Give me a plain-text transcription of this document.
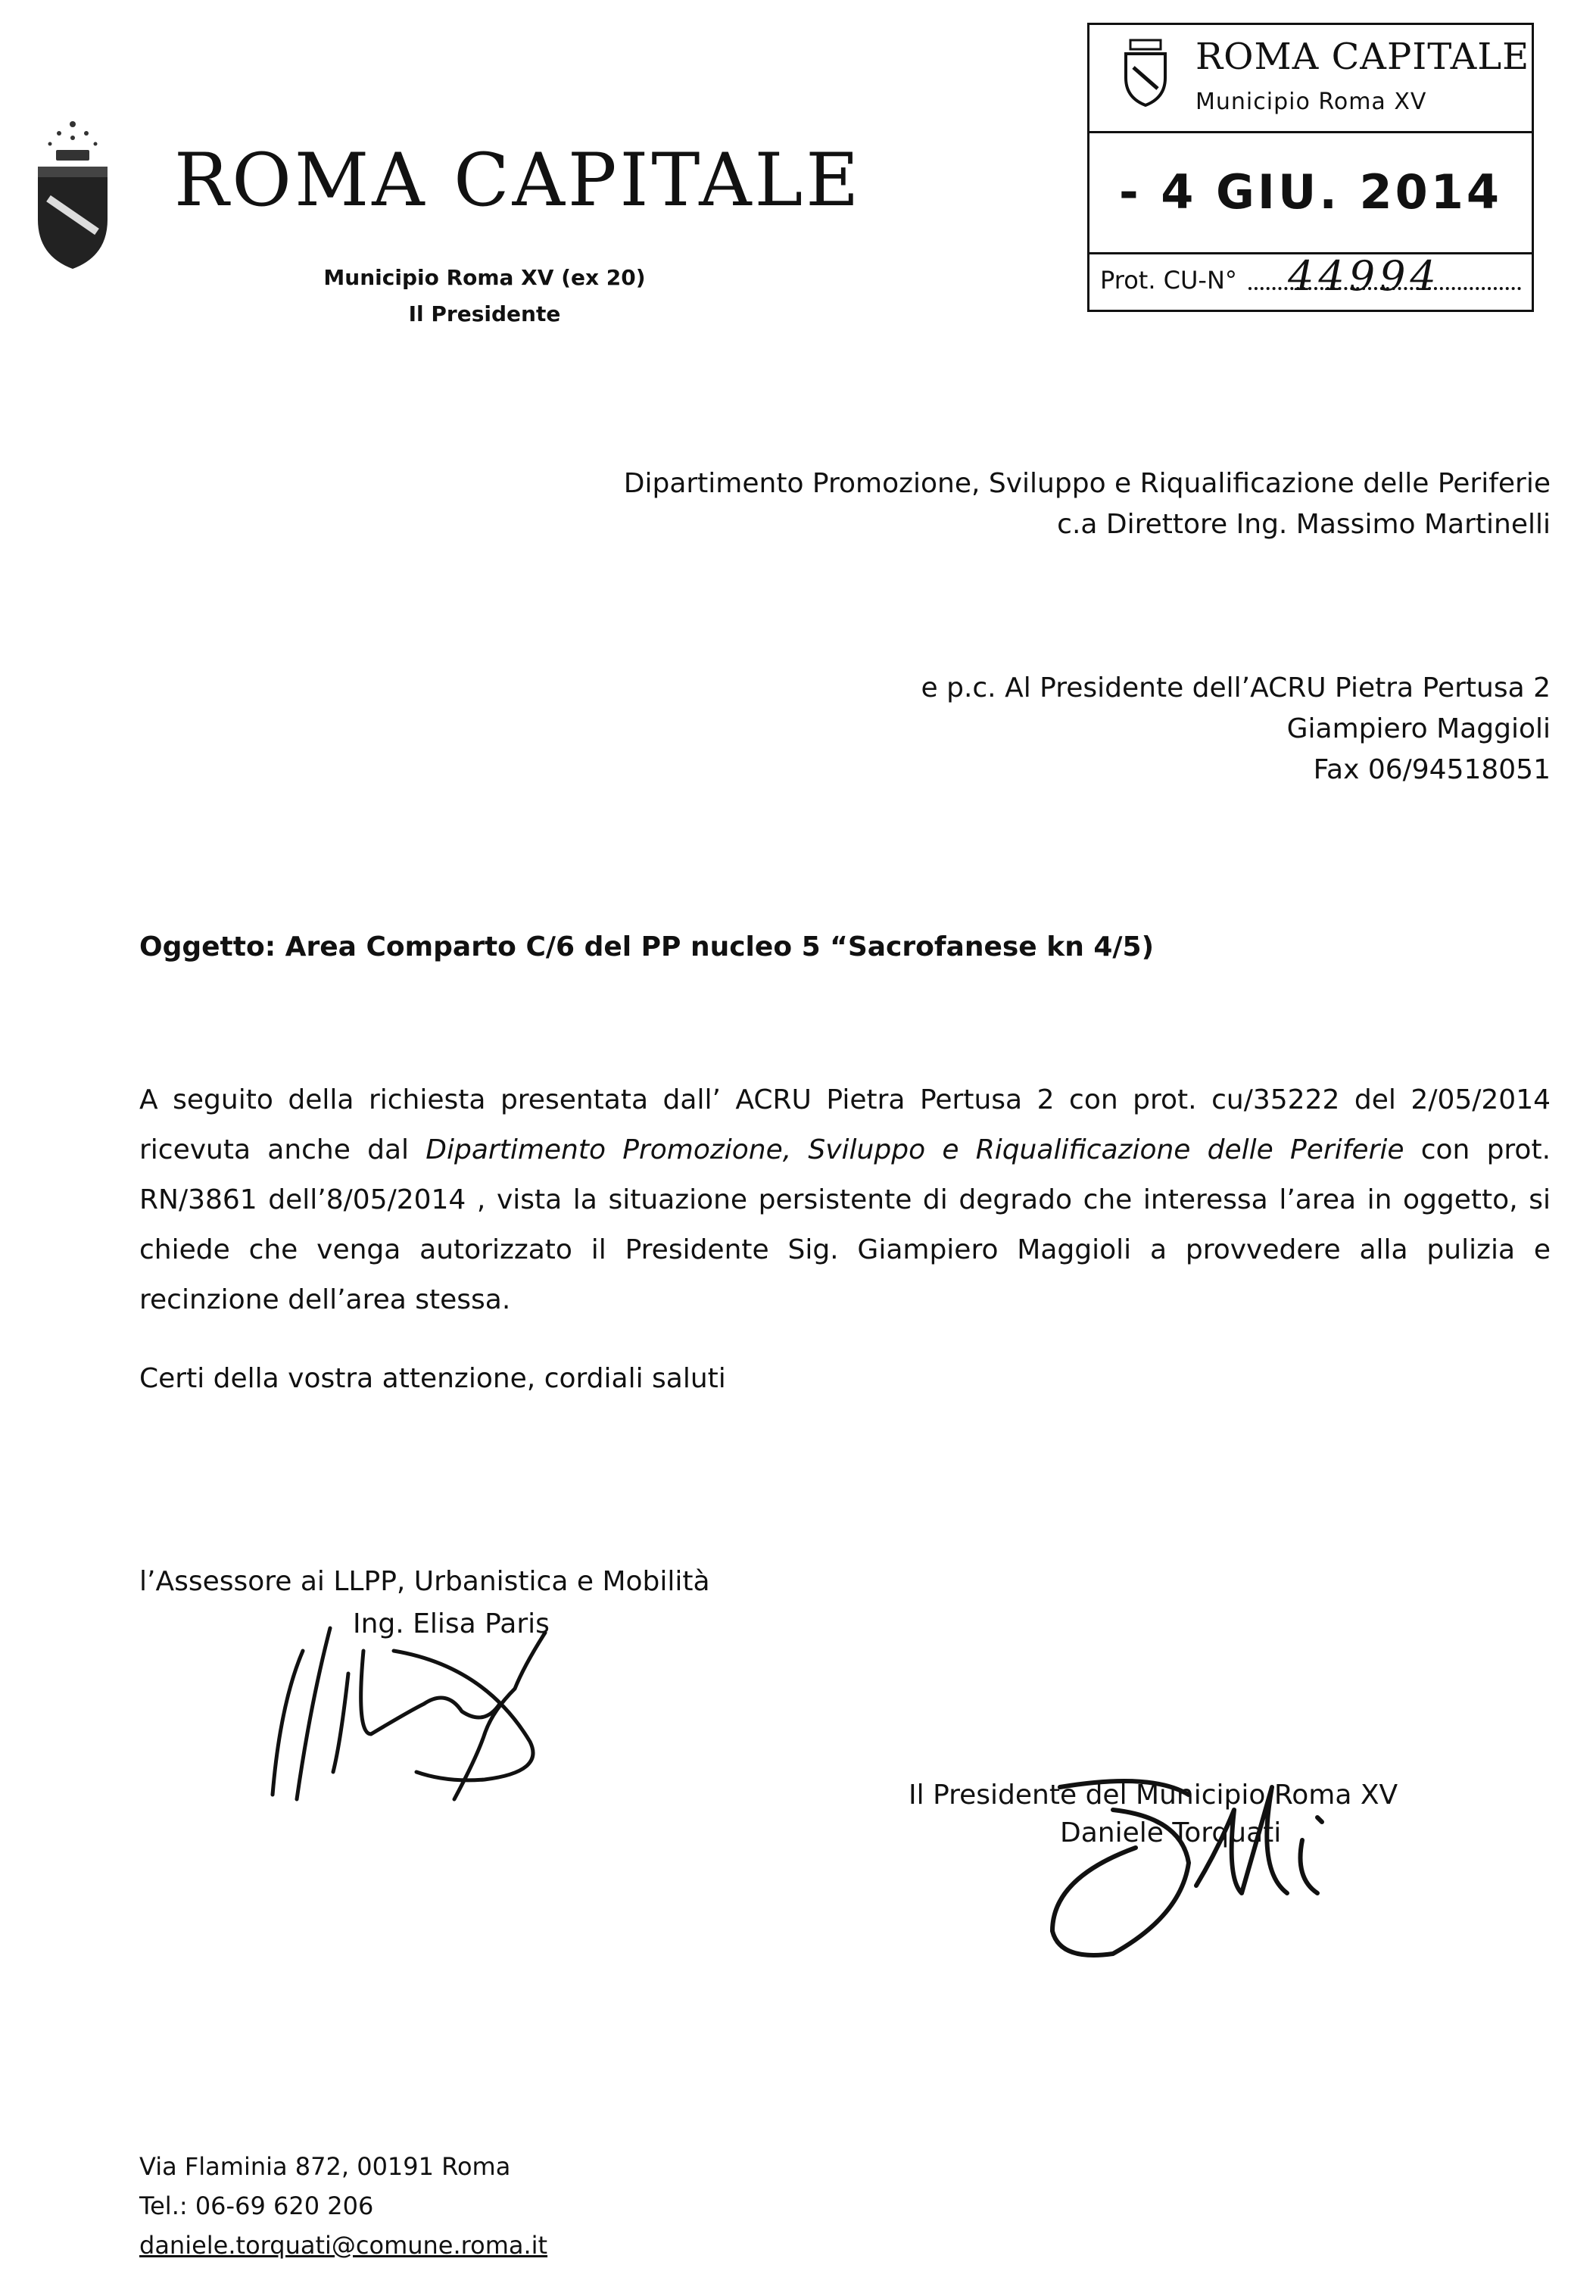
ROMA CAPITALE
Municipio Roma XV (ex 20)
Il Presidente
ROMA CAPITALE
Municipio Roma XV
- 4 GIU. 2014
Prot. CU-N° 44994
Dipartimento Promozione, Sviluppo e Riqualificazione delle Periferie
c.a Direttore Ing. Massimo Martinelli
e p.c. Al Presidente dell’ACRU Pietra Pertusa 2
Giampiero Maggioli
Fax 06/94518051
Oggetto: Area Comparto C/6 del PP nucleo 5 “Sacrofanese kn 4/5)
A seguito della richiesta presentata dall’ ACRU Pietra Pertusa 2 con prot. cu/35222 del 2/05/2014 ricevuta anche dal Dipartimento Promozione, Sviluppo e Riqualificazione delle Periferie con prot. RN/3861 dell’8/05/2014 , vista la situazione persistente di degrado che interessa l’area in oggetto, si chiede che venga autorizzato il Presidente Sig. Giampiero Maggioli a provvedere alla pulizia e recinzione dell’area stessa.
Certi della vostra attenzione, cordiali saluti
l’Assessore ai LLPP, Urbanistica e Mobilità
Ing. Elisa Paris
Il Presidente del Municipio Roma XV
Daniele Torquati
Via Flaminia 872, 00191 Roma
Tel.: 06-69 620 206
daniele.torquati@comune.roma.it
